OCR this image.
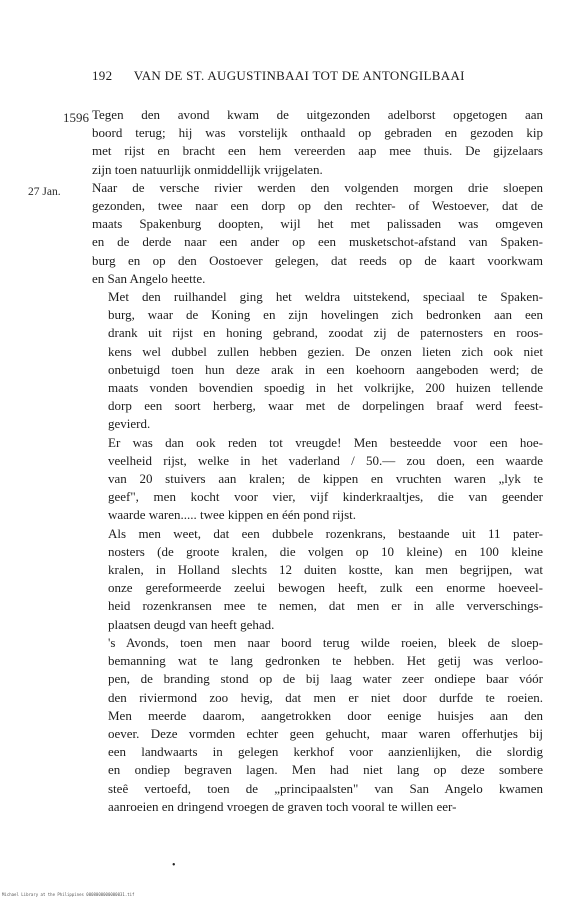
192 VAN DE ST. AUGUSTINBAAI TOT DE ANTONGILBAAI
1596
27 Jan.

Tegen den avond kwam de uitgezonden adelborst opgetogen aan
boord terug; hij was vorstelijk onthaald op gebraden en gezoden kip
met rijst en bracht een hem vereerden aap mee thuis. De gijzelaars
zijn toen natuurlijk onmiddellijk vrijgelaten.

Naar de versche rivier werden den volgenden morgen drie sloepen
gezonden, twee naar een dorp op den rechter- of Westoever, dat de
maats Spakenburg doopten, wijl het met palissaden was omgeven
en de derde naar een ander op een musketschot-afstand van Spaken-
burg en op den Oostoever gelegen, dat reeds op de kaart voorkwam
en San Angelo heette.

Met den ruilhandel ging het weldra uitstekend, speciaal te Spaken-
burg, waar de Koning en zijn hovelingen zich bedronken aan een
drank uit rijst en honing gebrand, zoodat zij de paternosters en roos-
kens wel dubbel zullen hebben gezien. De onzen lieten zich ook niet
onbetuigd toen hun deze arak in een koehoorn aangeboden werd; de
maats vonden bovendien spoedig in het volkrijke, 200 huizen tellende
dorp een soort herberg, waar met de dorpelingen braaf werd feest-
gevierd.

Er was dan ook reden tot vreugde! Men besteedde voor een hoe-
veelheid rijst, welke in het vaderland / 50.— zou doen, een waarde
van 20 stuivers aan kralen; de kippen en vruchten waren „lyk te
geef", men kocht voor vier, vijf kinderkraaltjes, die van geender
waarde waren..... twee kippen en één pond rijst.

Als men weet, dat een dubbele rozenkrans, bestaande uit 11 pater-
nosters (de groote kralen, die volgen op 10 kleine) en 100 kleine
kralen, in Holland slechts 12 duiten kostte, kan men begrijpen, wat
onze gereformeerde zeelui bewogen heeft, zulk een enorme hoeveel-
heid rozenkransen mee te nemen, dat men er in alle ververschings-
plaatsen deugd van heeft gehad.

's Avonds, toen men naar boord terug wilde roeien, bleek de sloep-
bemanning wat te lang gedronken te hebben. Het getij was verloo-
pen, de branding stond op de bij laag water zeer ondiepe baar vóór
den riviermond zoo hevig, dat men er niet door durfde te roeien.
Men meerde daarom, aangetrokken door eenige huisjes aan den
oever. Deze vormden echter geen gehucht, maar waren offerhutjes bij
een landwaarts in gelegen kerkhof voor aanzienlijken, die slordig
en ondiep begraven lagen. Men had niet lang op deze sombere
steê vertoefd, toen de „principaalsten" van San Angelo kwamen
aanroeien en dringend vroegen de graven toch vooral te willen eer-

•
Michael Library at the Philippines 0008000000000031.tif
